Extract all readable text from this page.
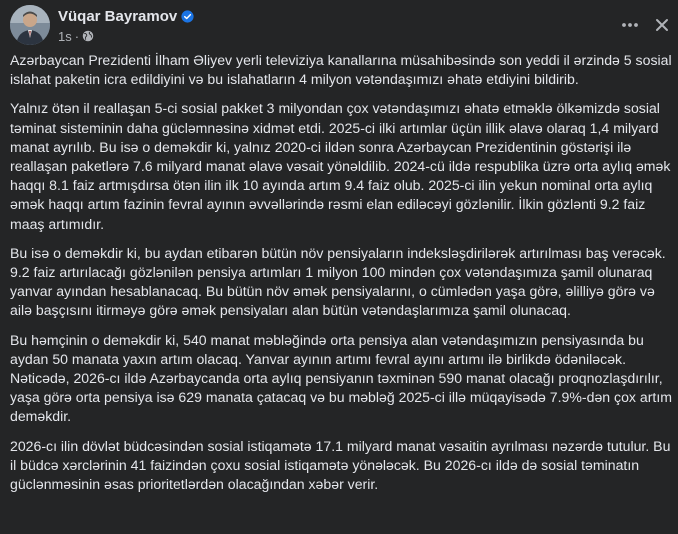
Vüqar Bayramov
1s ·

Azərbaycan Prezidenti İlham Əliyev yerli televiziya kanallarına müsahibəsində son yeddi il ərzində 5 sosial islahat paketin icra edildiyini və bu islahatların 4 milyon vətəndaşımızı əhatə etdiyini bildirib.

Yalnız ötən il reallaşan 5-ci sosial pakket 3 milyondan çox vətəndaşımızı əhatə etməklə ölkəmizdə sosial təminat sisteminin daha gücləmnəsinə xidmət etdi. 2025-ci ilki artımlar üçün illik əlavə olaraq 1,4 milyard manat ayrılıb. Bu isə o deməkdir ki, yalnız 2020-ci ildən sonra Azərbaycan Prezidentinin göstərişi ilə reallaşan paketlərə 7.6 milyard manat əlavə vəsait yönəldilib. 2024-cü ildə respublika üzrə orta aylıq əmək haqqı 8.1 faiz artmışdırsa ötən ilin ilk 10 ayında artım 9.4 faiz olub. 2025-ci ilin yekun nominal orta aylıq əmək haqqı artım fazinin fevral ayının əvvəllərində rəsmi elan ediləcəyi gözlənilir. İlkin gözlənti 9.2 faiz maaş artımıdır.

Bu isə o deməkdir ki, bu aydan etibarən bütün növ pensiyaların indeksləşdirilərək artırılması baş verəcək. 9.2 faiz artırılacağı gözlənilən pensiya artımları 1 milyon 100 mindən çox vətəndaşımıza şamil olunaraq yanvar ayından hesablanacaq. Bu bütün növ əmək pensiyalarını, o cümlədən yaşa görə, əlilliyə görə və ailə başçısını itirməyə görə əmək pensiyaları alan bütün vətəndaşlarımıza şamil olunacaq.

Bu həmçinin o deməkdir ki, 540 manat məbləğində orta pensiya alan vətəndaşımızın pensiyasında bu aydan 50 manata yaxın artım olacaq. Yanvar ayının artımı fevral ayını artımı ilə birlikdə ödəniləcək. Nəticədə, 2026-cı ildə Azərbaycanda orta aylıq pensiyanın təxminən 590 manat olacağı proqnozlaşdırılır, yaşa görə orta pensiya isə 629 manata çatacaq və bu məbləğ 2025-ci illə müqayisədə 7.9%-dən çox artım deməkdir.

2026-cı ilin dövlət büdcəsindən sosial istiqamətə 17.1 milyard manat vəsaitin ayrılması nəzərdə tutulur. Bu il büdcə xərclərinin 41 faizindən çoxu sosial istiqamətə yönələcək. Bu 2026-cı ildə də sosial təminatın güclənməsinin əsas prioritetlərdən olacağından xəbər verir.
